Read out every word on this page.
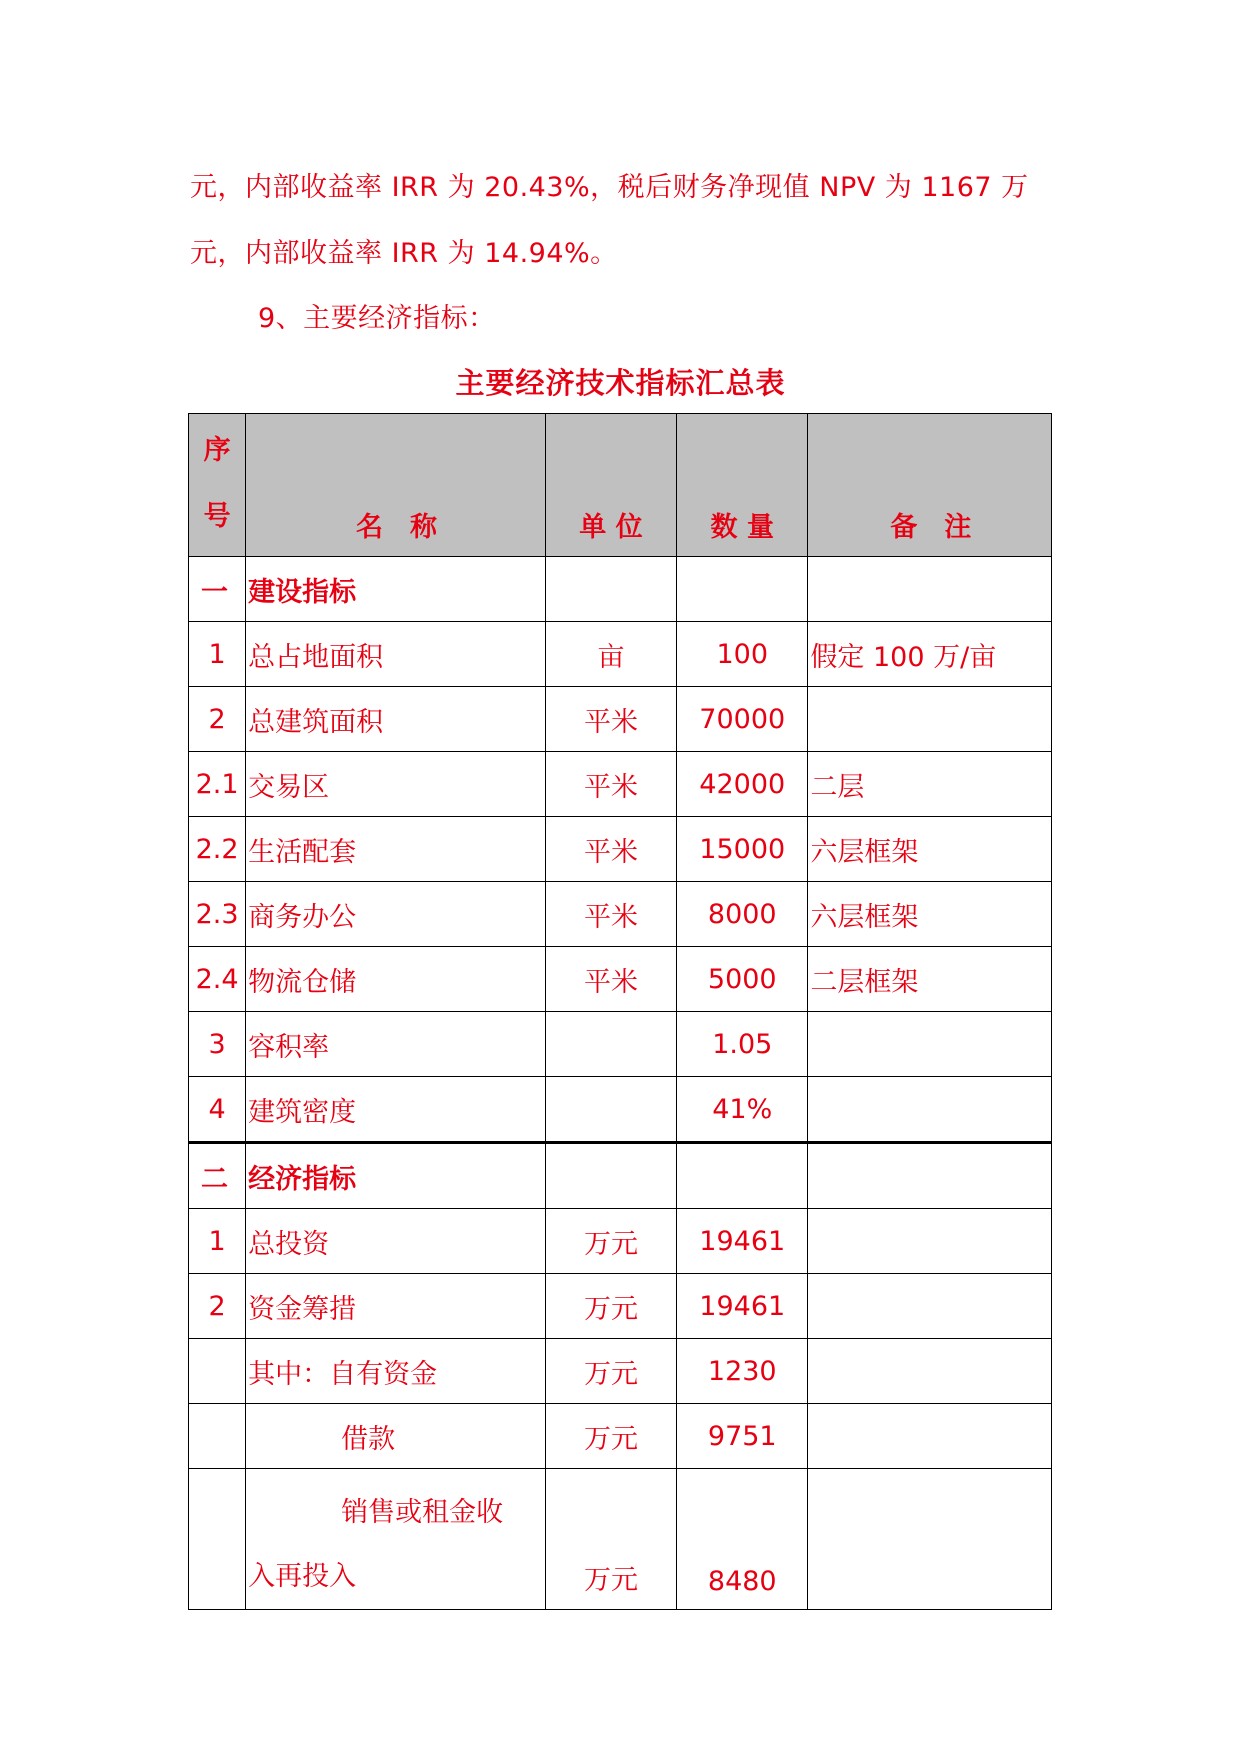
元，内部收益率 IRR 为 20.43%，税后财务净现值 NPV 为 1167 万
元，内部收益率 IRR 为 14.94%。
9、主要经济指标：
主要经济技术指标汇总表
序
号	名　称	单 位	数 量	备　注
一	建设指标			
1	总占地面积	亩	100	假定 100 万/亩
2	总建筑面积	平米	70000	
2.1	交易区	平米	42000	二层
2.2	生活配套	平米	15000	六层框架
2.3	商务办公	平米	8000	六层框架
2.4	物流仓储	平米	5000	二层框架
3	容积率		1.05	
4	建筑密度		41%	
二	经济指标			
1	总投资	万元	19461	
2	资金筹措	万元	19461	
	其中：自有资金	万元	1230	
	借款	万元	9751	

	销售或租金收
入再投入	万元	8480	
